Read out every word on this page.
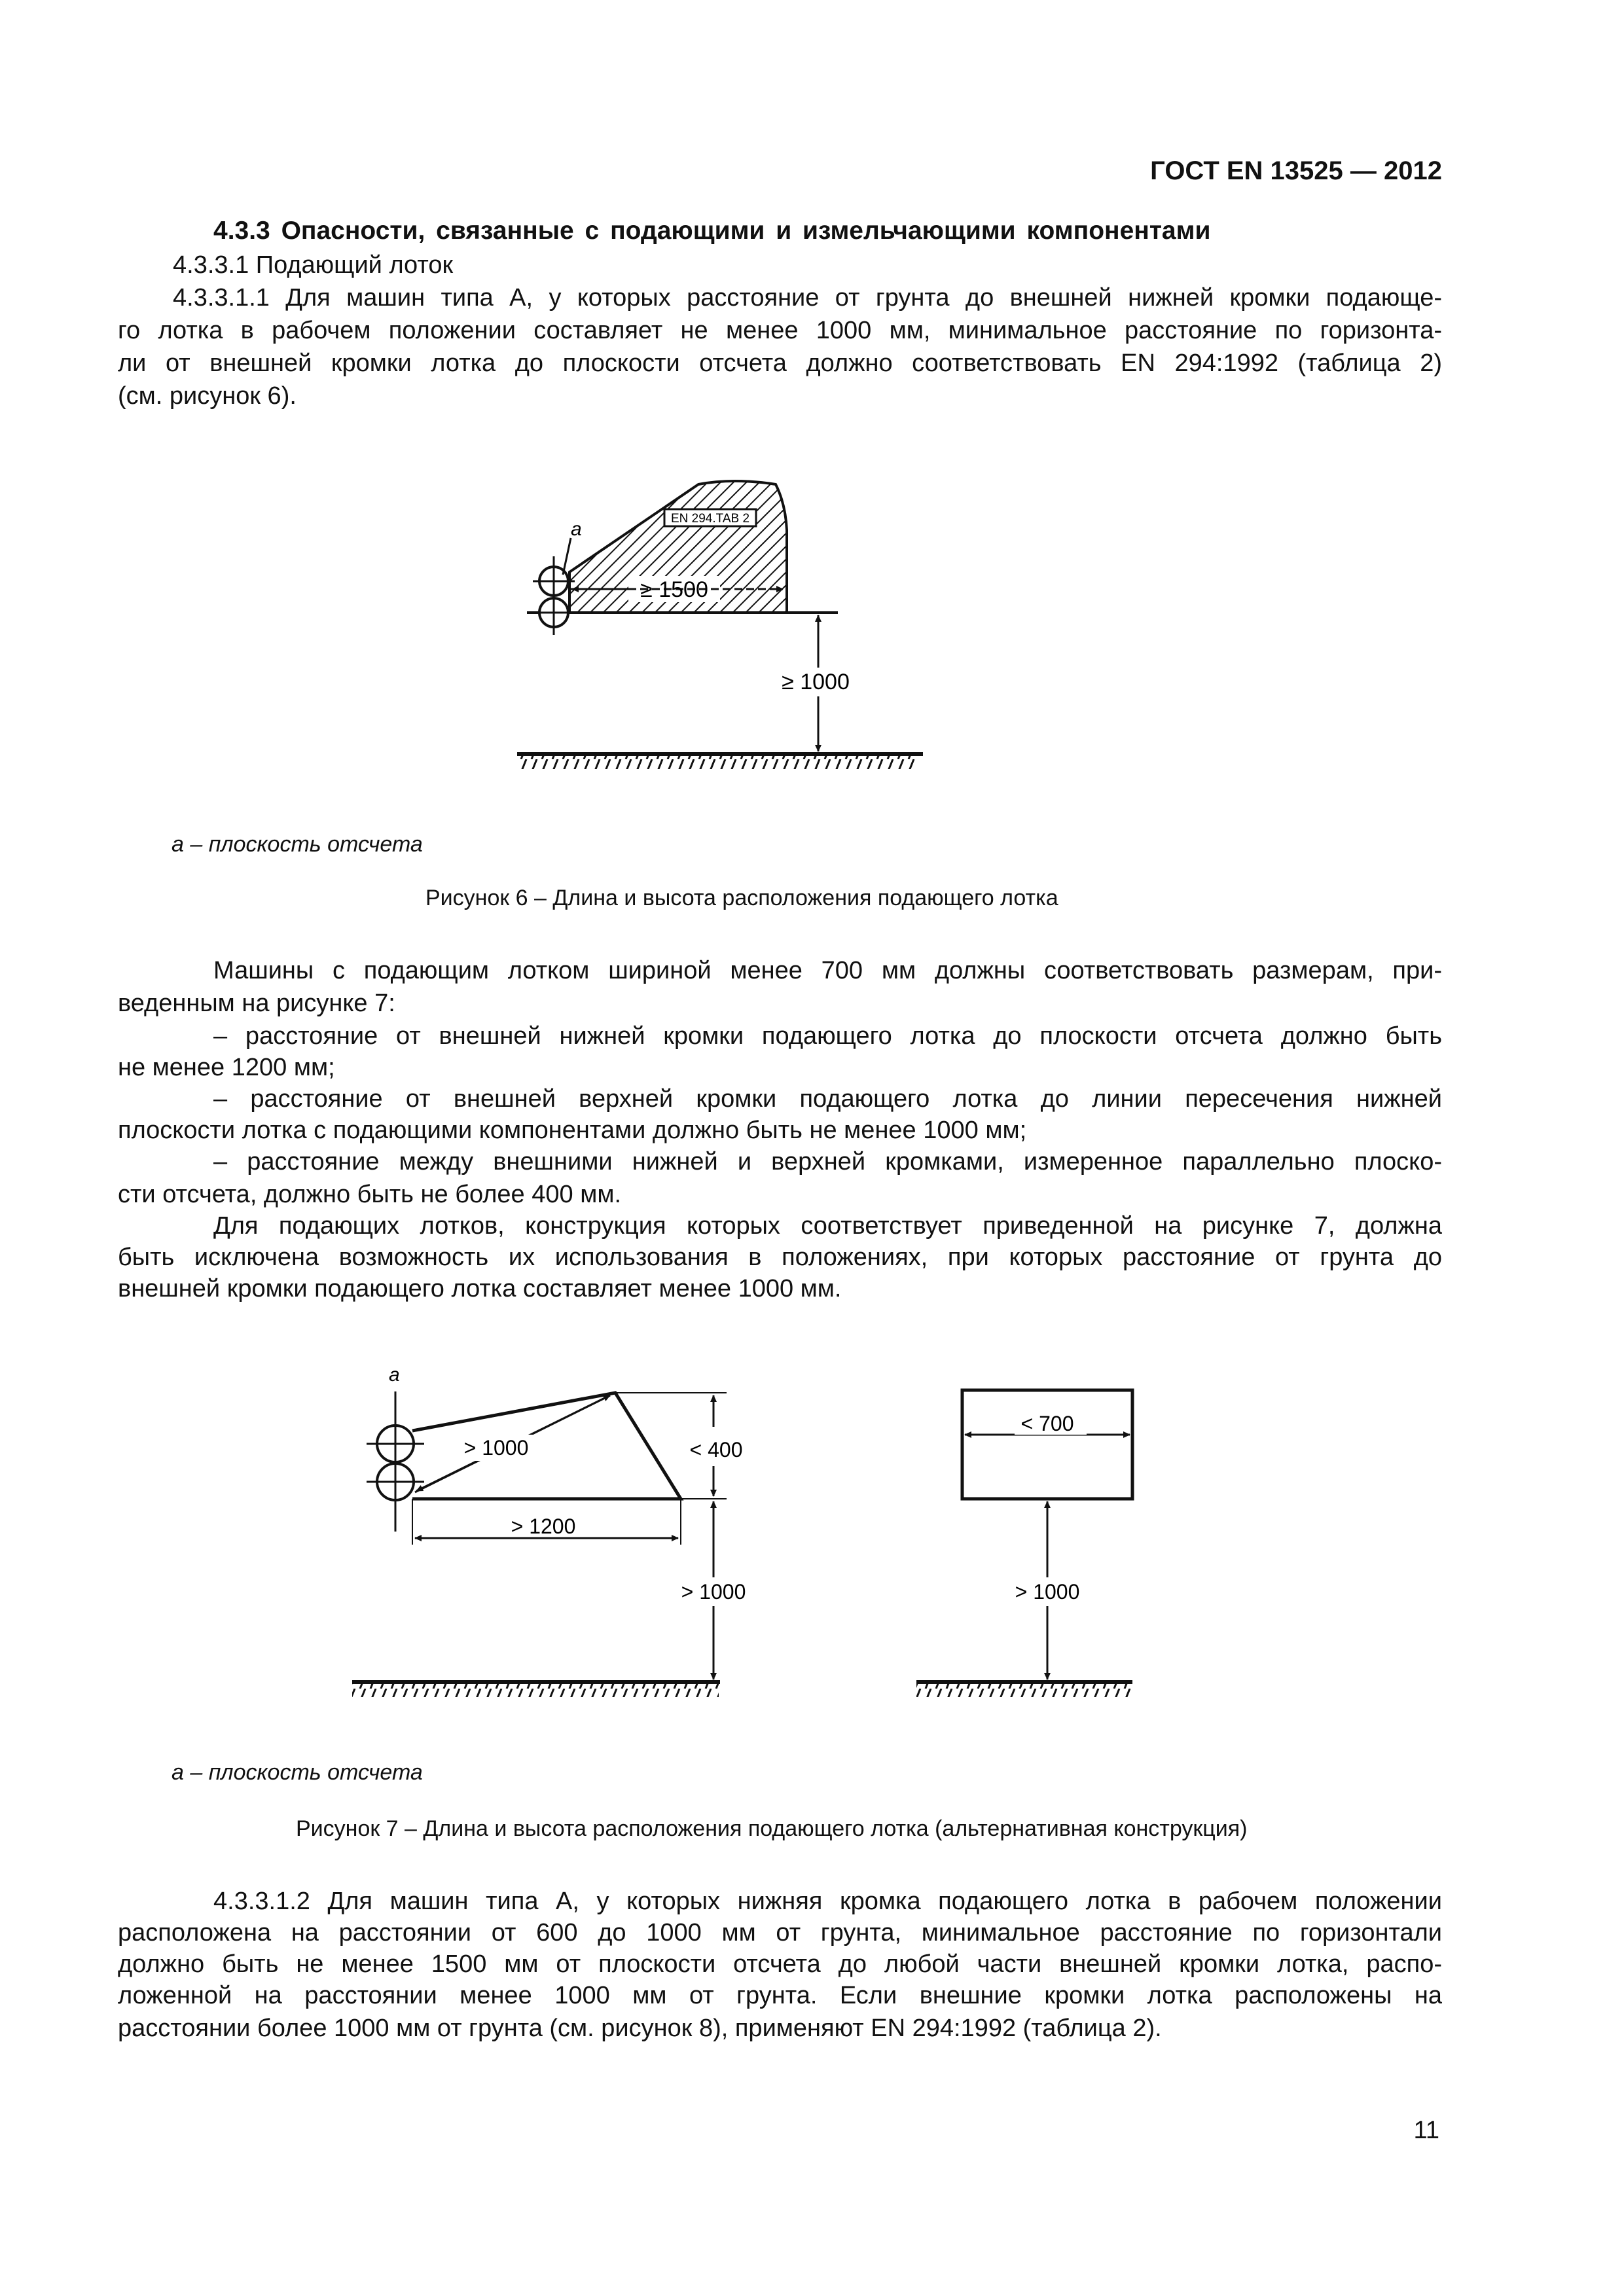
ГОСТ EN 13525 — 2012
4.3.3 Опасности, связанные с подающими и измельчающими компонентами
4.3.3.1 Подающий лоток
4.3.3.1.1 Для машин типа А, у которых расстояние от грунта до внешней нижней кромки подающе-
го лотка в рабочем положении составляет не менее 1000 мм, минимальное расстояние по горизонта-
ли от внешней кромки лотка до плоскости отсчета должно соответствовать EN 294:1992 (таблица 2)
(см. рисунок 6).
EN 294.TAB 2
a
≥ 1500
≥ 1000
a – плоскость отсчета
Рисунок 6 – Длина и высота расположения подающего лотка
Машины с подающим лотком шириной менее 700 мм должны соответствовать размерам, при-
веденным на рисунке 7:
– расстояние от внешней нижней кромки подающего лотка до плоскости отсчета должно быть
не менее 1200 мм;
– расстояние от внешней верхней кромки подающего лотка до линии пересечения нижней
плоскости лотка с подающими компонентами должно быть не менее 1000 мм;
– расстояние между внешними нижней и верхней кромками, измеренное параллельно плоско-
сти отсчета, должно быть не более 400 мм.
Для подающих лотков, конструкция которых соответствует приведенной на рисунке 7, должна
быть исключена возможность их использования в положениях, при которых расстояние от грунта до
внешней кромки подающего лотка составляет менее 1000 мм.
a
> 1000	< 400
> 1200
> 1000
< 700
> 1000
a – плоскость отсчета
Рисунок 7 – Длина и высота расположения подающего лотка (альтернативная конструкция)
4.3.3.1.2 Для машин типа А, у которых нижняя кромка подающего лотка в рабочем положении
расположена на расстоянии от 600 до 1000 мм от грунта, минимальное расстояние по горизонтали
должно быть не менее 1500 мм от плоскости отсчета до любой части внешней кромки лотка, распо-
ложенной на расстоянии менее 1000 мм от грунта. Если внешние кромки лотка расположены на
расстоянии более 1000 мм от грунта (см. рисунок 8), применяют EN 294:1992 (таблица 2).
11
